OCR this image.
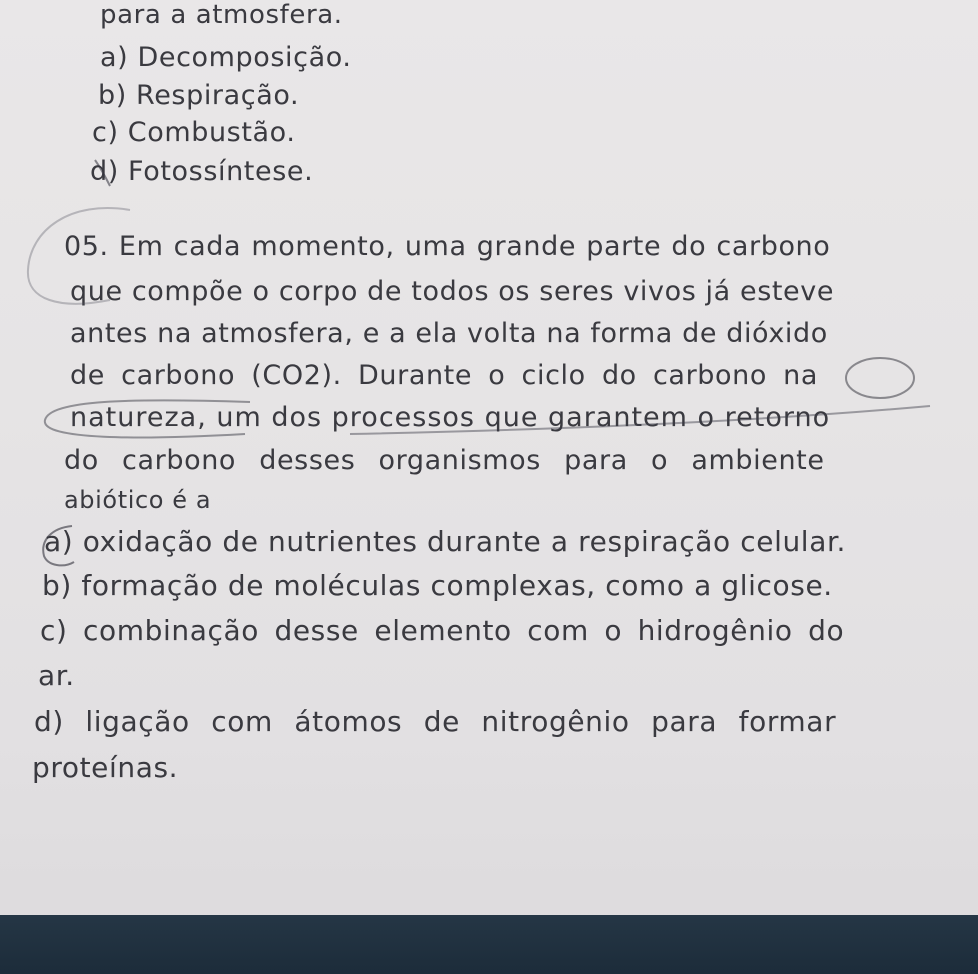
para a atmosfera.
a) Decomposição.
b) Respiração.
c) Combustão.
d) Fotossíntese.
05. Em cada momento, uma grande parte do carbono
que compõe o corpo de todos os seres vivos já esteve
antes na atmosfera, e a ela volta na forma de dióxido
de carbono (CO2). Durante o ciclo do carbono na
natureza, um dos processos que garantem o retorno
do carbono desses organismos para o ambiente
abiótico é a
a) oxidação de nutrientes durante a respiração celular.
b) formação de moléculas complexas, como a glicose.
c) combinação desse elemento com o hidrogênio do
ar.
d) ligação com átomos de nitrogênio para formar
proteínas.
